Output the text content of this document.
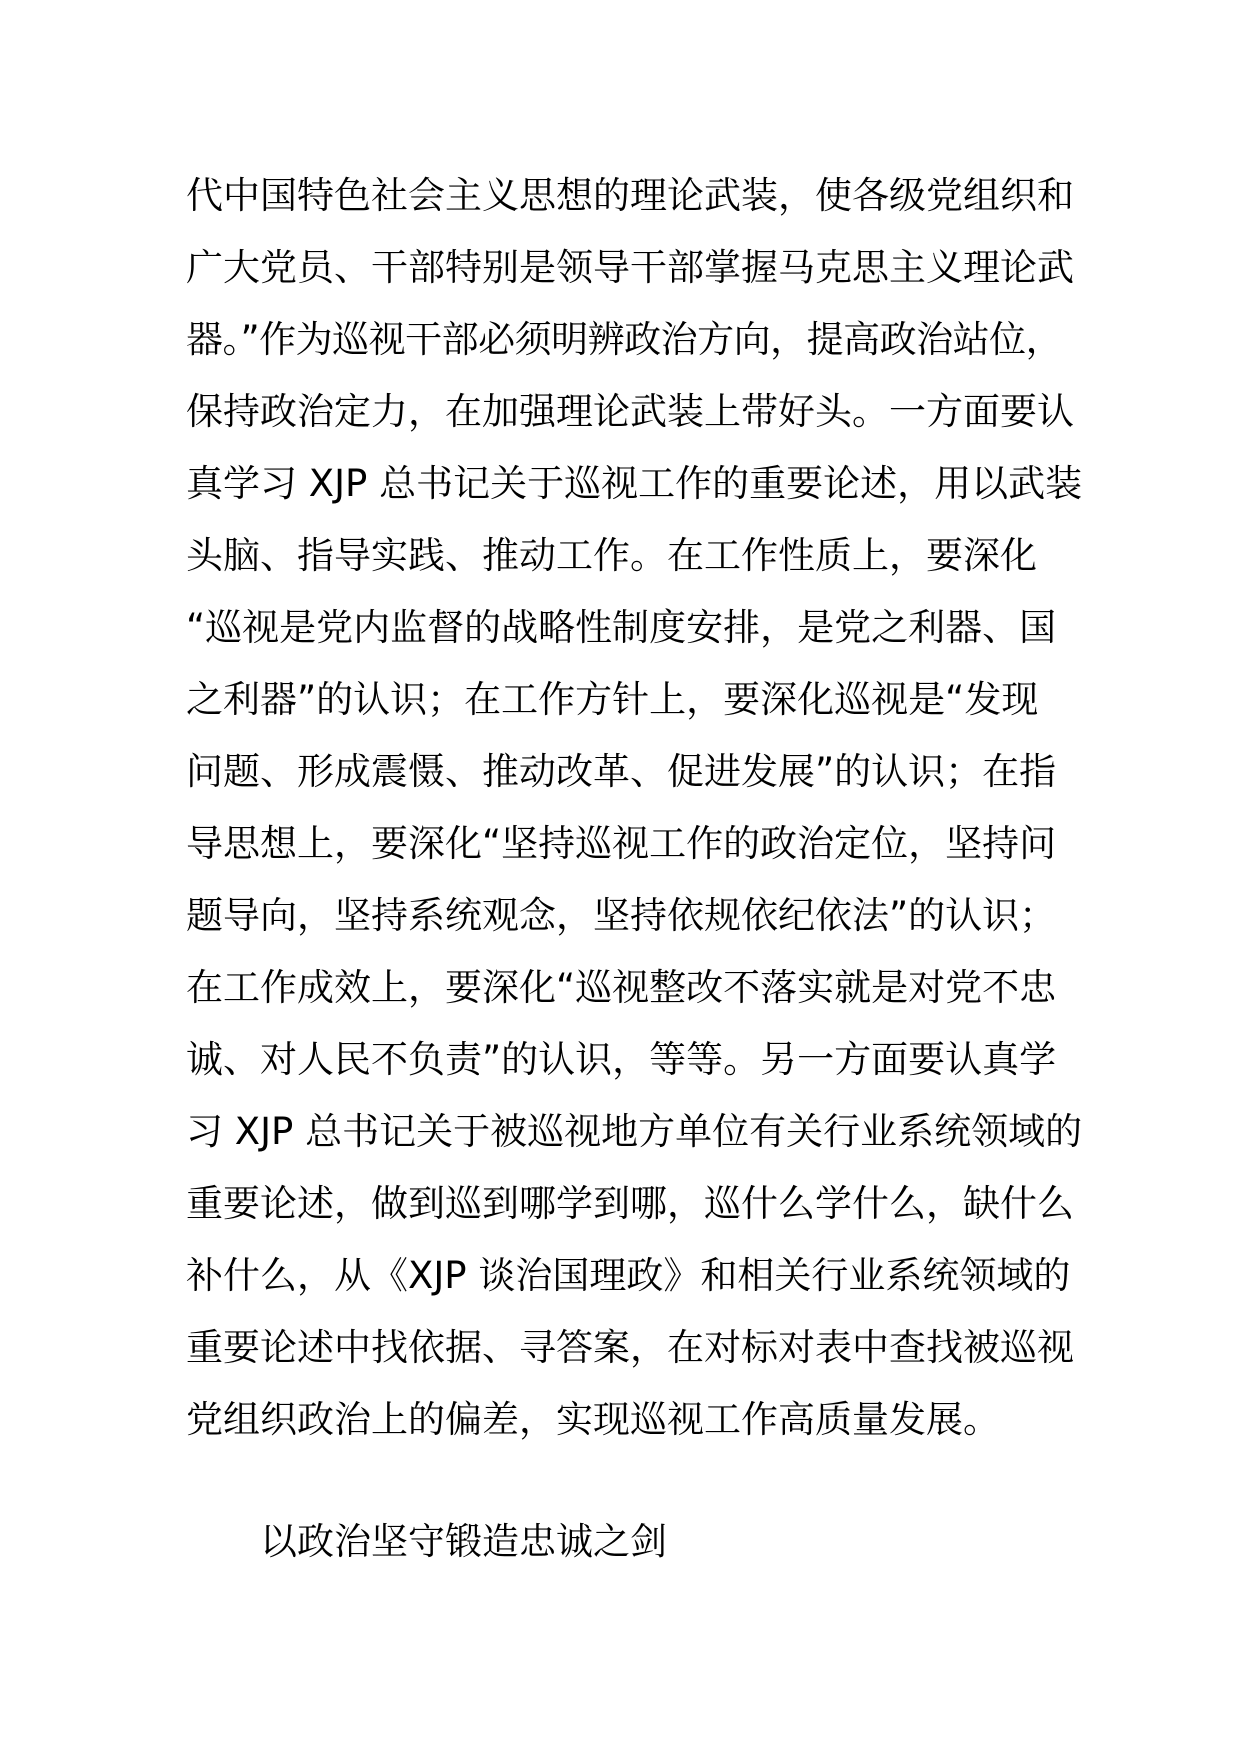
代中国特色社会主义思想的理论武装，使各级党组织和
广大党员、干部特别是领导干部掌握马克思主义理论武
器。”作为巡视干部必须明辨政治方向，提高政治站位，
保持政治定力，在加强理论武装上带好头。一方面要认
真学习 XJP 总书记关于巡视工作的重要论述，用以武装
头脑、指导实践、推动工作。在工作性质上，要深化
“巡视是党内监督的战略性制度安排，是党之利器、国
之利器”的认识；在工作方针上，要深化巡视是“发现
问题、形成震慑、推动改革、促进发展”的认识；在指
导思想上，要深化“坚持巡视工作的政治定位，坚持问
题导向，坚持系统观念，坚持依规依纪依法”的认识；
在工作成效上，要深化“巡视整改不落实就是对党不忠
诚、对人民不负责”的认识，等等。另一方面要认真学
习 XJP 总书记关于被巡视地方单位有关行业系统领域的
重要论述，做到巡到哪学到哪，巡什么学什么，缺什么
补什么，从《XJP 谈治国理政》和相关行业系统领域的
重要论述中找依据、寻答案，在对标对表中查找被巡视
党组织政治上的偏差，实现巡视工作高质量发展。
以政治坚守锻造忠诚之剑
